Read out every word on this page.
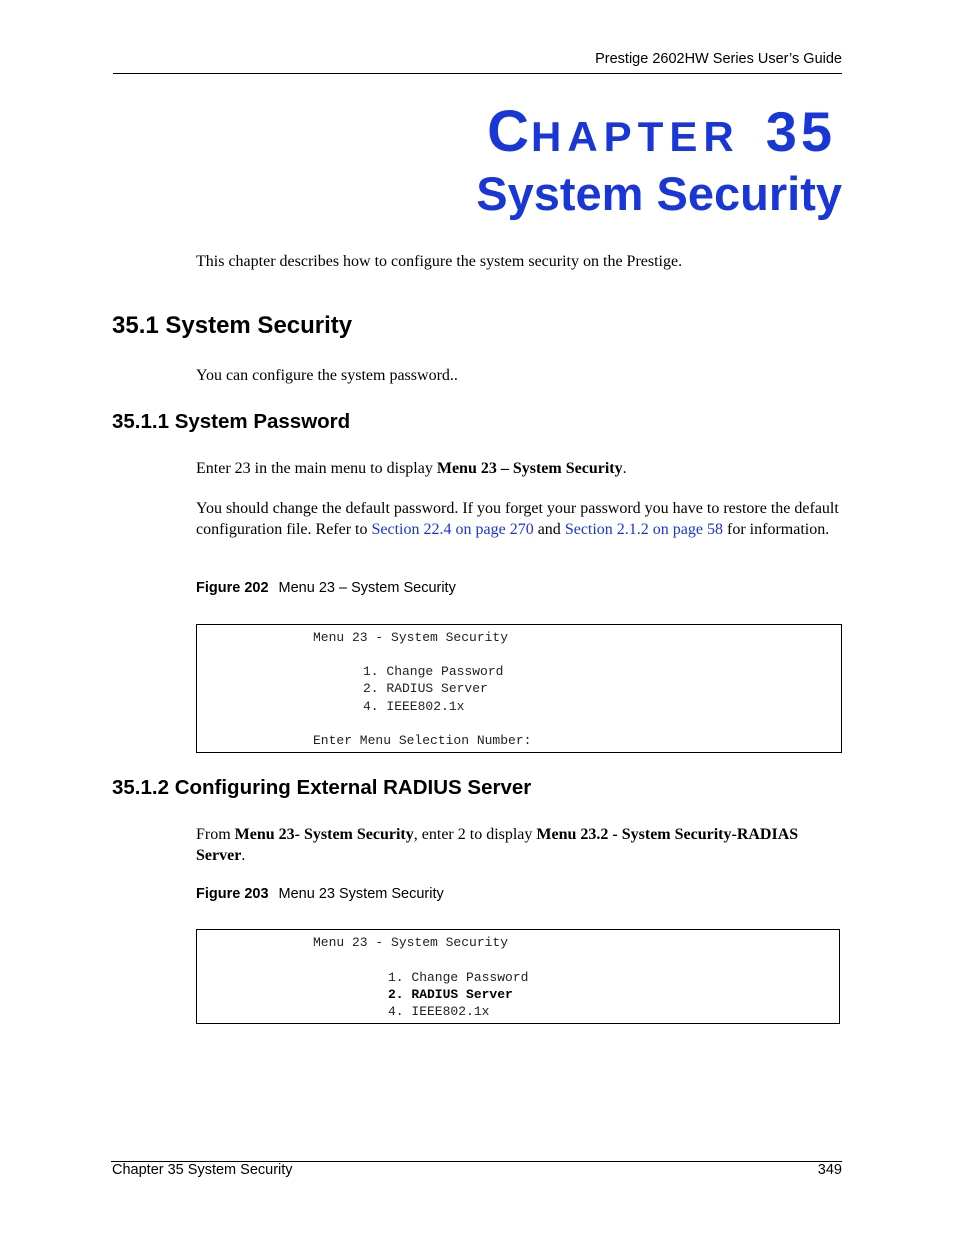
Prestige 2602HW Series User’s Guide
CHAPTER 35
System Security
This chapter describes how to configure the system security on the Prestige.
35.1 System Security
You can configure the system password..
35.1.1 System Password
Enter 23 in the main menu to display Menu 23 – System Security.
You should change the default password. If you forget your password you have to restore the default configuration file. Refer to Section 22.4 on page 270 and Section 2.1.2 on page 58 for information.
Figure 202 Menu 23 – System Security
Menu 23 - System Security
1. Change Password
2. RADIUS Server
4. IEEE802.1x
Enter Menu Selection Number:
35.1.2 Configuring External RADIUS Server
From Menu 23- System Security, enter 2 to display Menu 23.2 - System Security-RADIAS Server.
Figure 203 Menu 23 System Security
Menu 23 - System Security
1. Change Password
2. RADIUS Server
4. IEEE802.1x
Chapter 35 System Security	349
